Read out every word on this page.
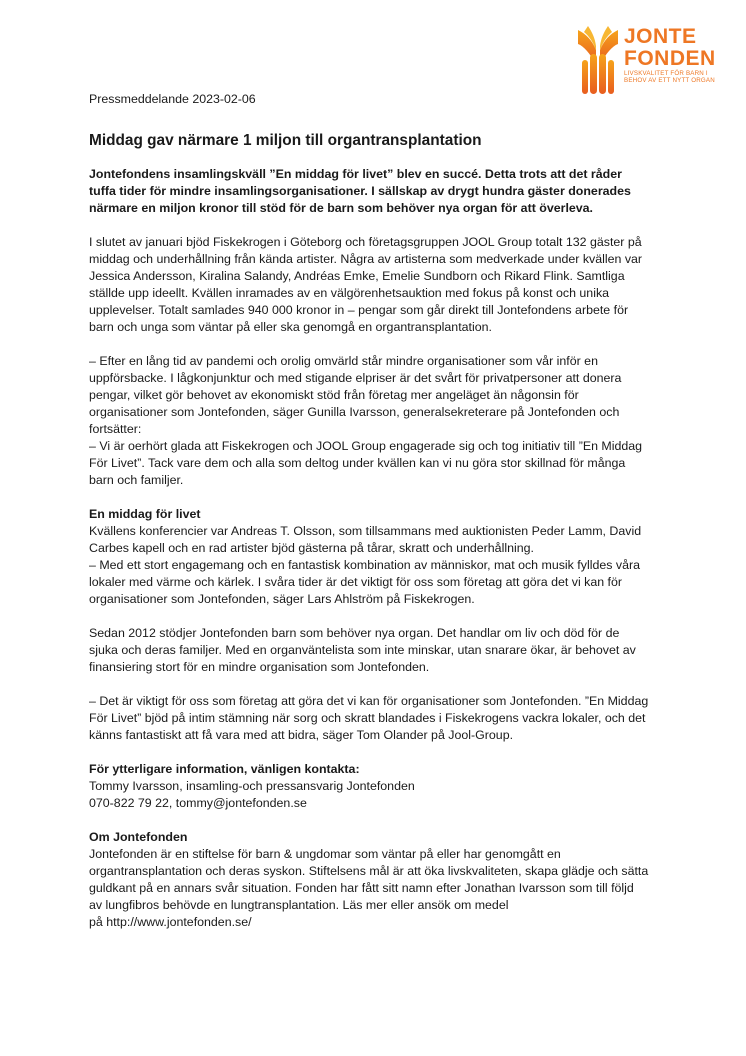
JONTE
FONDEN
LIVSKVALITET FÖR BARN I
BEHOV AV ETT NYTT ORGAN

Pressmeddelande 2023-02-06

Middag gav närmare 1 miljon till organtransplantation

Jontefondens insamlingskväll ”En middag för livet” blev en succé. Detta trots att det råder tuffa tider för mindre insamlingsorganisationer. I sällskap av drygt hundra gäster donerades närmare en miljon kronor till stöd för de barn som behöver nya organ för att överleva.

I slutet av januari bjöd Fiskekrogen i Göteborg och företagsgruppen JOOL Group totalt 132 gäster på middag och underhållning från kända artister. Några av artisterna som medverkade under kvällen var Jessica Andersson, Kiralina Salandy, Andréas Emke, Emelie Sundborn och Rikard Flink. Samtliga ställde upp ideellt. Kvällen inramades av en välgörenhetsauktion med fokus på konst och unika upplevelser. Totalt samlades 940 000 kronor in – pengar som går direkt till Jontefondens arbete för barn och unga som väntar på eller ska genomgå en organtransplantation.

– Efter en lång tid av pandemi och orolig omvärld står mindre organisationer som vår inför en uppförsbacke. I lågkonjunktur och med stigande elpriser är det svårt för privatpersoner att donera pengar, vilket gör behovet av ekonomiskt stöd från företag mer angeläget än någonsin för organisationer som Jontefonden, säger Gunilla Ivarsson, generalsekreterare på Jontefonden och fortsätter:
– Vi är oerhört glada att Fiskekrogen och JOOL Group engagerade sig och tog initiativ till ”En Middag För Livet”. Tack vare dem och alla som deltog under kvällen kan vi nu göra stor skillnad för många barn och familjer.

En middag för livet
Kvällens konferencier var Andreas T. Olsson, som tillsammans med auktionisten Peder Lamm, David Carbes kapell och en rad artister bjöd gästerna på tårar, skratt och underhållning.
– Med ett stort engagemang och en fantastisk kombination av människor, mat och musik fylldes våra lokaler med värme och kärlek. I svåra tider är det viktigt för oss som företag att göra det vi kan för organisationer som Jontefonden, säger Lars Ahlström på Fiskekrogen.

Sedan 2012 stödjer Jontefonden barn som behöver nya organ. Det handlar om liv och död för de sjuka och deras familjer. Med en organväntelista som inte minskar, utan snarare ökar, är behovet av finansiering stort för en mindre organisation som Jontefonden.

– Det är viktigt för oss som företag att göra det vi kan för organisationer som Jontefonden. ”En Middag För Livet” bjöd på intim stämning när sorg och skratt blandades i Fiskekrogens vackra lokaler, och det känns fantastiskt att få vara med att bidra, säger Tom Olander på Jool-Group.

För ytterligare information, vänligen kontakta:
Tommy Ivarsson, insamling-och pressansvarig Jontefonden
070-822 79 22, tommy@jontefonden.se

Om Jontefonden
Jontefonden är en stiftelse för barn & ungdomar som väntar på eller har genomgått en organtransplantation och deras syskon. Stiftelsens mål är att öka livskvaliteten, skapa glädje och sätta guldkant på en annars svår situation. Fonden har fått sitt namn efter Jonathan Ivarsson som till följd av lungfibros behövde en lungtransplantation. Läs mer eller ansök om medel
på http://www.jontefonden.se/
